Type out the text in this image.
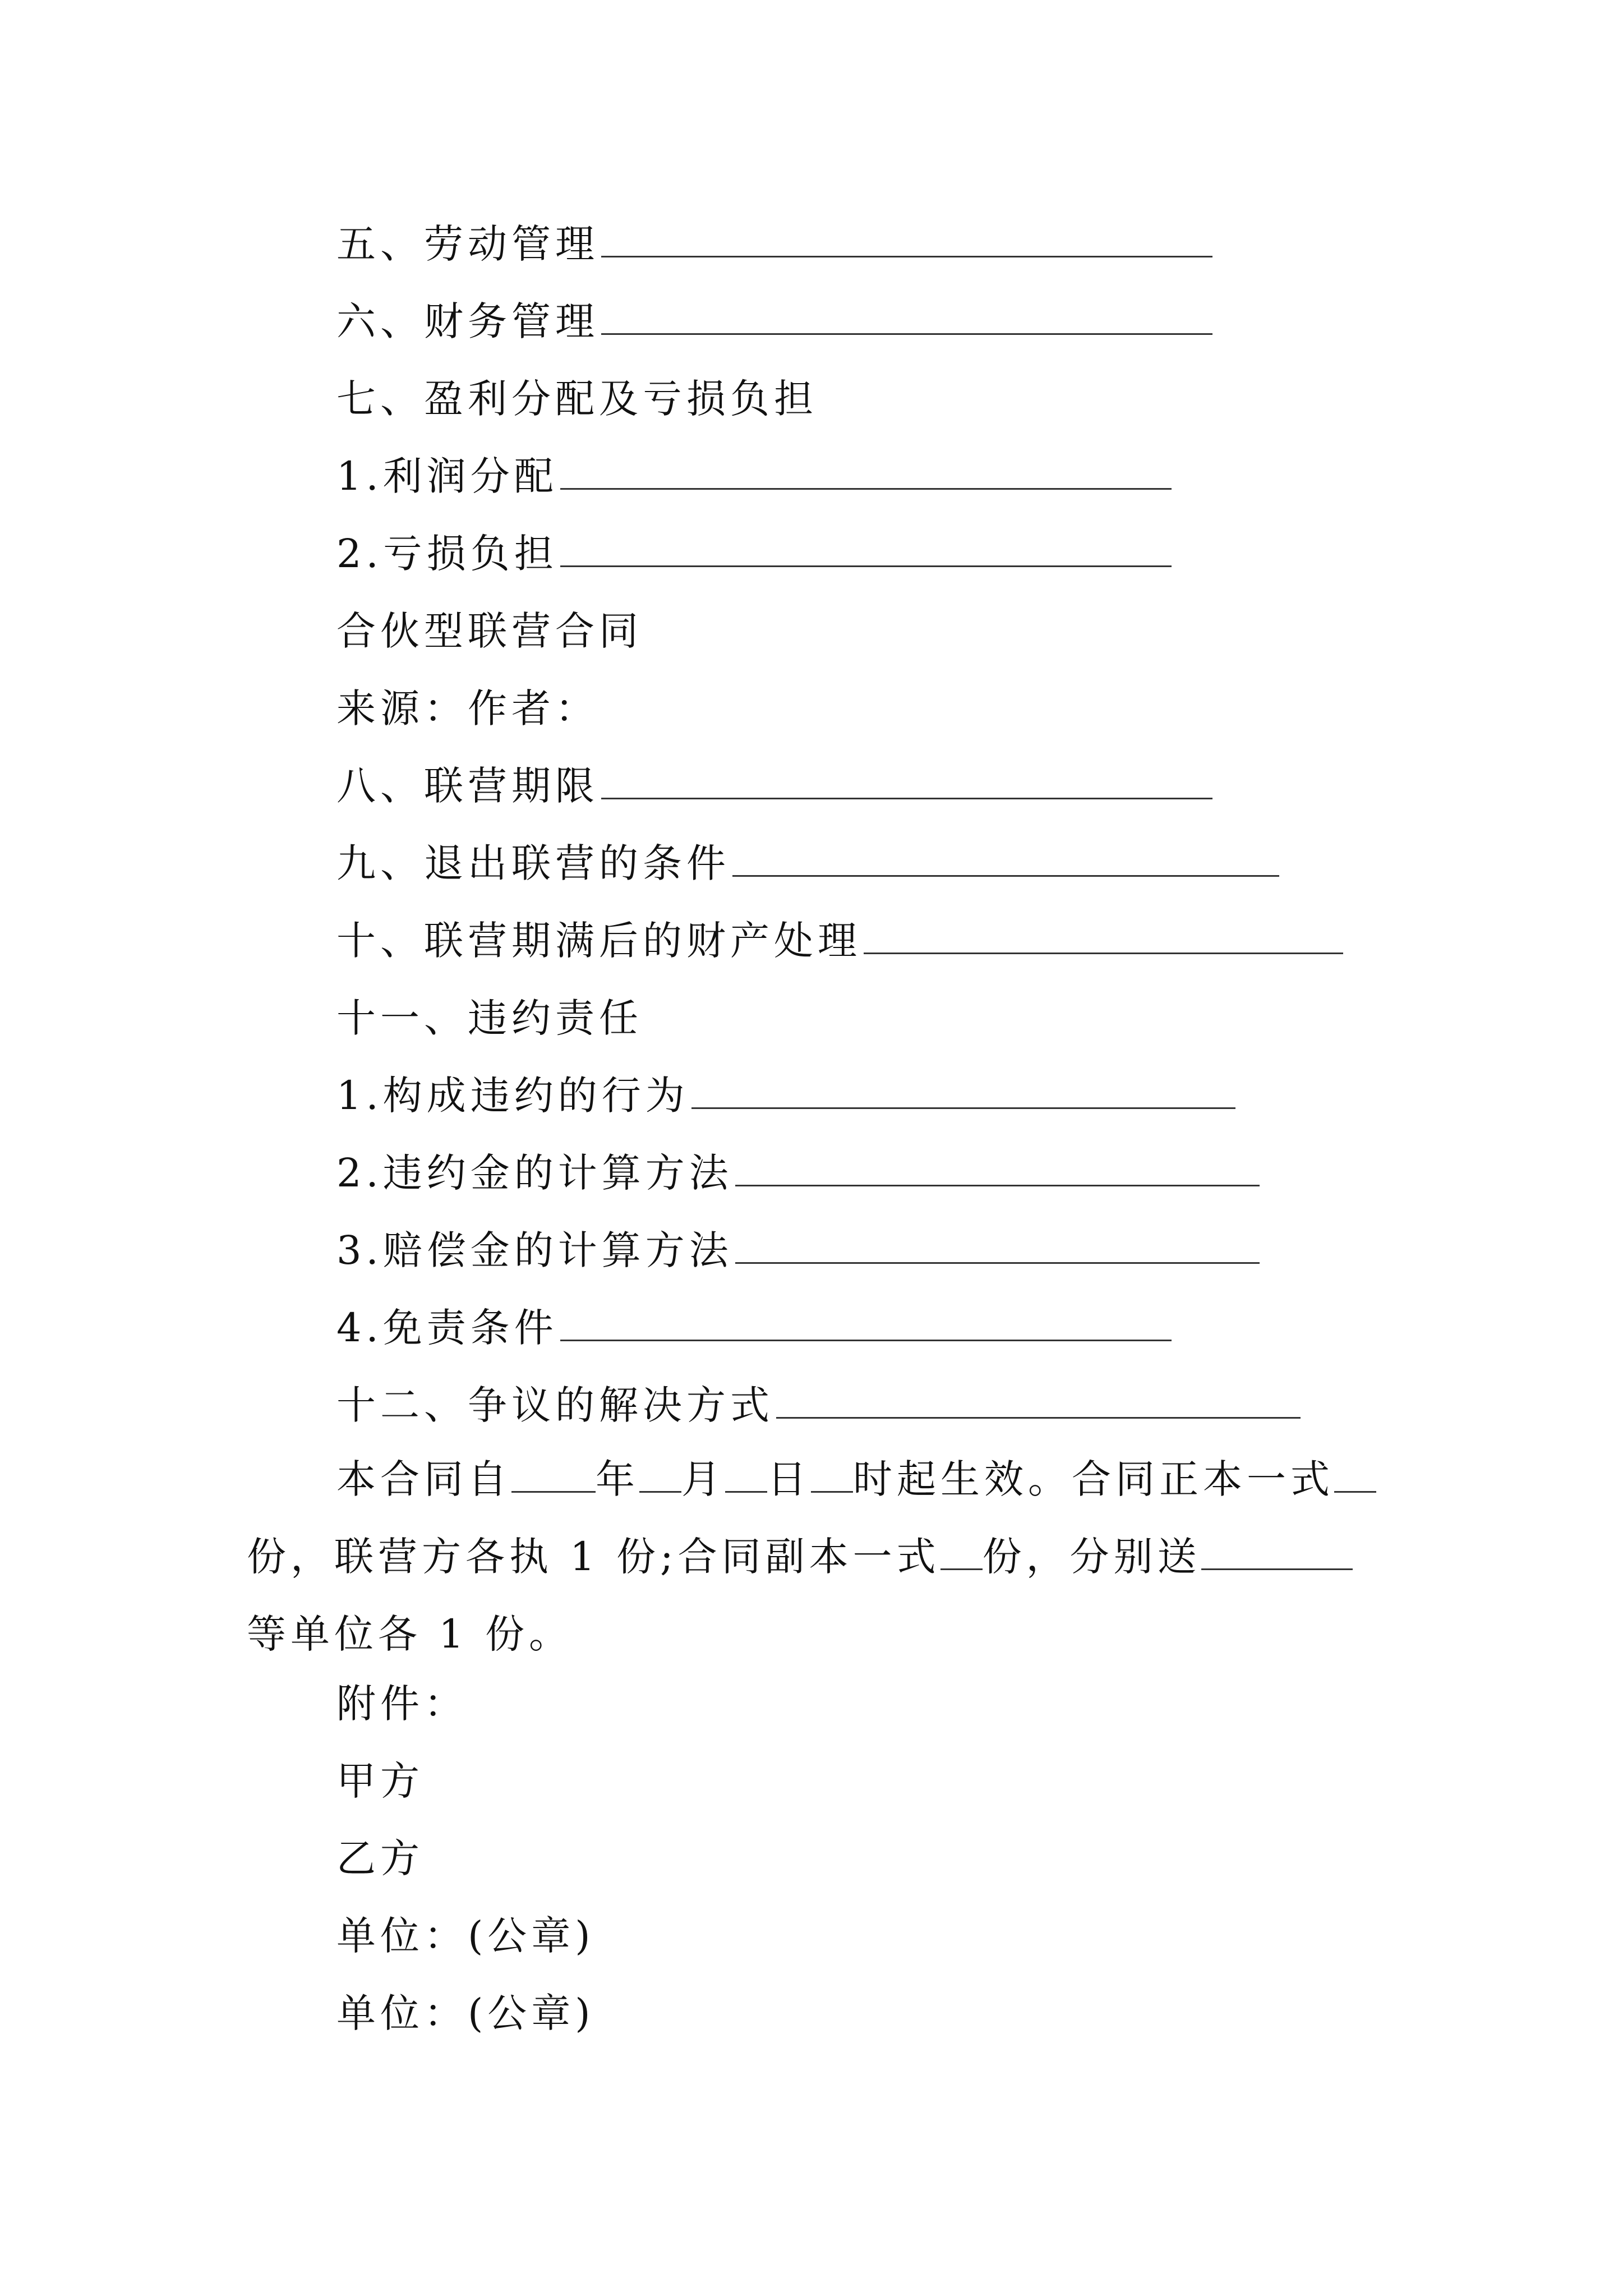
五、劳动管理
六、财务管理
七、盈利分配及亏损负担
1.利润分配
2.亏损负担
合伙型联营合同
来源：作者：
八、联营期限
九、退出联营的条件
十、联营期满后的财产处理
十一、违约责任
1.构成违约的行为
2.违约金的计算方法
3.赔偿金的计算方法
4.免责条件
十二、争议的解决方式
本合同自 年 月 日 时起生效。合同正本一式份，联营方各执 1 份;合同副本一式 份，分别送等单位各 1 份。
附件：
甲方
乙方
单位：(公章)
单位：(公章)
